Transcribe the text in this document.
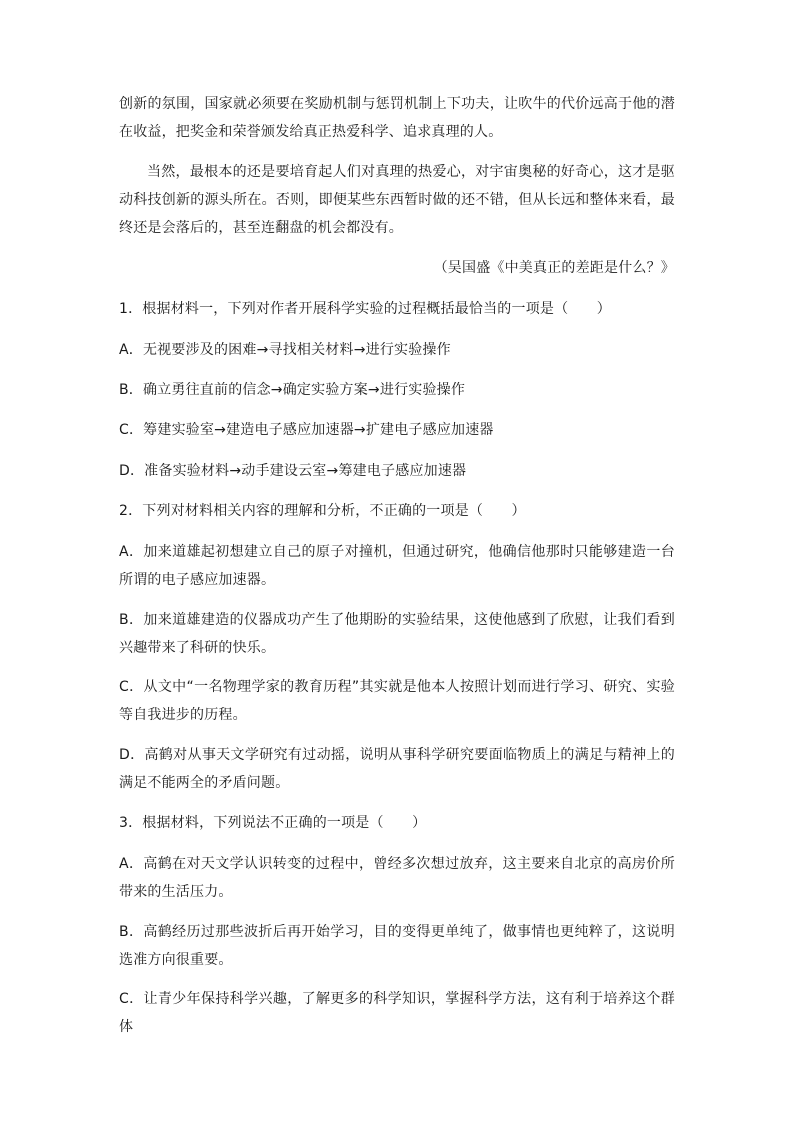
创新的氛围，国家就必须要在奖励机制与惩罚机制上下功夫，让吹牛的代价远高于他的潜在收益，把奖金和荣誉颁发给真正热爱科学、追求真理的人。

当然，最根本的还是要培育起人们对真理的热爱心，对宇宙奥秘的好奇心，这才是驱动科技创新的源头所在。否则，即便某些东西暂时做的还不错，但从长远和整体来看，最终还是会落后的，甚至连翻盘的机会都没有。

（吴国盛《中美真正的差距是什么？》

1．根据材料一，下列对作者开展科学实验的过程概括最恰当的一项是（　　）

A．无视要涉及的困难→寻找相关材料→进行实验操作

B．确立勇往直前的信念→确定实验方案→进行实验操作

C．筹建实验室→建造电子感应加速器→扩建电子感应加速器

D．准备实验材料→动手建设云室→筹建电子感应加速器

2．下列对材料相关内容的理解和分析，不正确的一项是（　　）

A．加来道雄起初想建立自己的原子对撞机，但通过研究，他确信他那时只能够建造一台所谓的电子感应加速器。

B．加来道雄建造的仪器成功产生了他期盼的实验结果，这使他感到了欣慰，让我们看到兴趣带来了科研的快乐。

C．从文中“一名物理学家的教育历程”其实就是他本人按照计划而进行学习、研究、实验等自我进步的历程。

D．高鹤对从事天文学研究有过动摇，说明从事科学研究要面临物质上的满足与精神上的满足不能两全的矛盾问题。

3．根据材料，下列说法不正确的一项是（　　）

A．高鹤在对天文学认识转变的过程中，曾经多次想过放弃，这主要来自北京的高房价所带来的生活压力。

B．高鹤经历过那些波折后再开始学习，目的变得更单纯了，做事情也更纯粹了，这说明选准方向很重要。

C．让青少年保持科学兴趣，了解更多的科学知识，掌握科学方法，这有利于培养这个群体
